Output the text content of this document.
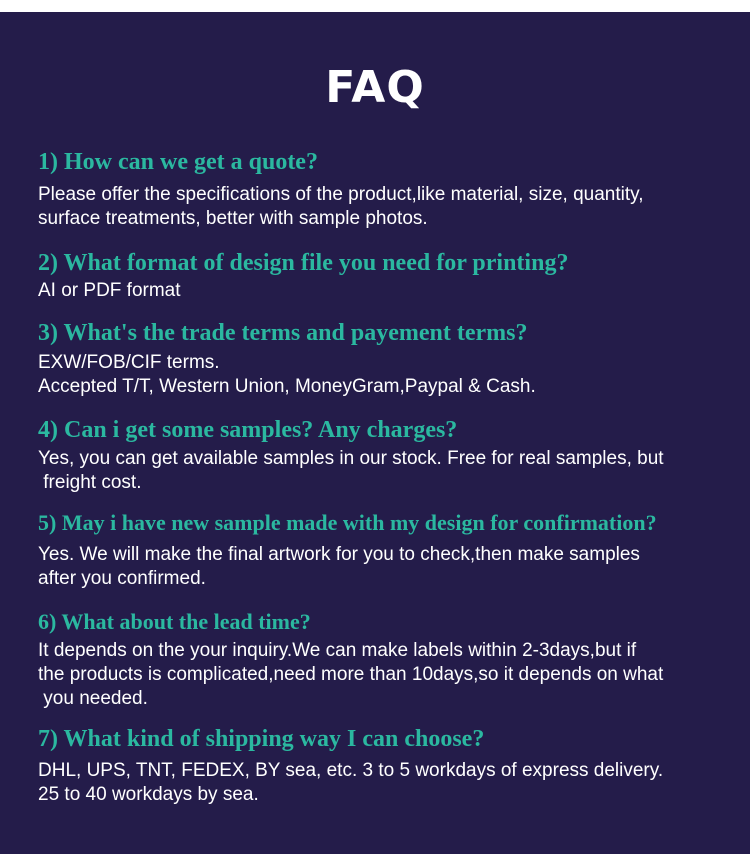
FAQ
1) How can we get a quote?

Please offer the specifications of the product,like material, size, quantity,
surface treatments, better with sample photos.

2) What format of design file you need for printing?

AI or PDF format

3) What's the trade terms and payement terms?

EXW/FOB/CIF terms.
Accepted T/T, Western Union, MoneyGram,Paypal & Cash.

4) Can i get some samples? Any charges?

Yes, you can get available samples in our stock. Free for real samples, but
freight cost.

5) May i have new sample made with my design for confirmation?

Yes. We will make the final artwork for you to check,then make samples
after you confirmed.

6) What about the lead time?

It depends on the your inquiry.We can make labels within 2-3days,but if
the products is complicated,need more than 10days,so it depends on what
you needed.

7) What kind of shipping way I can choose?

DHL, UPS, TNT, FEDEX, BY sea, etc. 3 to 5 workdays of express delivery.
25 to 40 workdays by sea.
